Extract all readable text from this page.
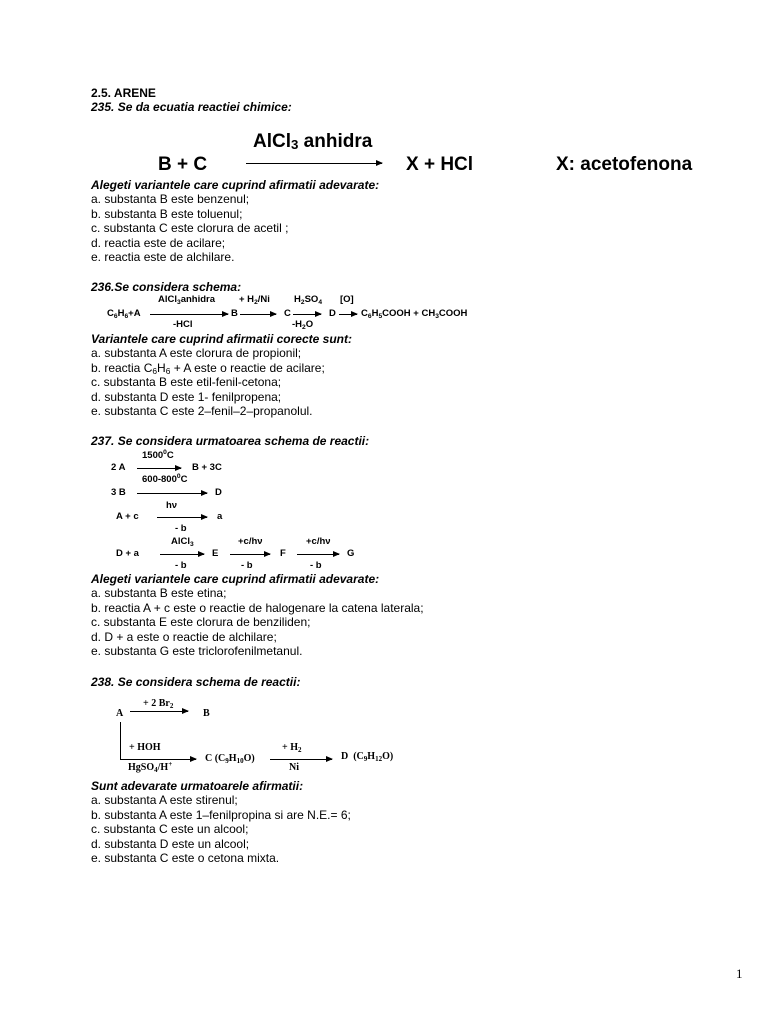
2.5. ARENE
235. Se da ecuatia reactiei chimice:
AlCl$_3$ anhidra
B + C	X + HCl	X: acetofenona
Alegeti variantele care cuprind afirmatii adevarate:
a. substanta B este benzenul;
b. substanta B este toluenul;
c. substanta C este clorura de acetil ;
d. reactia este de acilare;
e. reactia este de alchilare.
236.Se considera schema:
$C_6H_6+A$
AlCl$_3$anhidra
-HCl
B
+ $H_2/Ni$
C
$H_2SO_4$
$-H_2O$
D
[O]
$C_6H_5COOH$ + $CH_3COOH$
Variantele care cuprind afirmatii corecte sunt:
a. substanta A este clorura de propionil;
b. reactia $C_6H_6 + A$ este o reactie de acilare;
c. substanta B este etil-fenil-cetona;
d. substanta D este 1- fenilpropena;
e. substanta C este 2–fenil–2–propanolul.
237. Se considera urmatoarea schema de reactii:
1500$^0$C
2 A	B + 3C
$600-800^0C$
3 B	D
hν
A + c
- b
a
AlCl$_3$
D + a
- b
E
+c/hν
- b
F
+c/hν
- b
G
Alegeti variantele care cuprind afirmatii adevarate:
a. substanta B este etina;
b. reactia A + c este o reactie de halogenare la catena laterala;
c. substanta E este clorura de benziliden;
d. D + a este o reactie de alchilare;
e. substanta G este triclorofenilmetanul.
238. Se considera schema de reactii:
A
+ 2 $Br_2$
B
+ HOH
HgSO$_4$/H+	C $(C_9H_{10}O)$
+ $H_2$
Ni
D  $(C_9H_{12}O)$
Sunt adevarate urmatoarele afirmatii:
a. substanta A este stirenul;
b. substanta A este 1–fenilpropina si are N.E.= 6;
c. substanta C este un alcool;
d. substanta D este un alcool;
e. substanta C este o cetona mixta.
1
